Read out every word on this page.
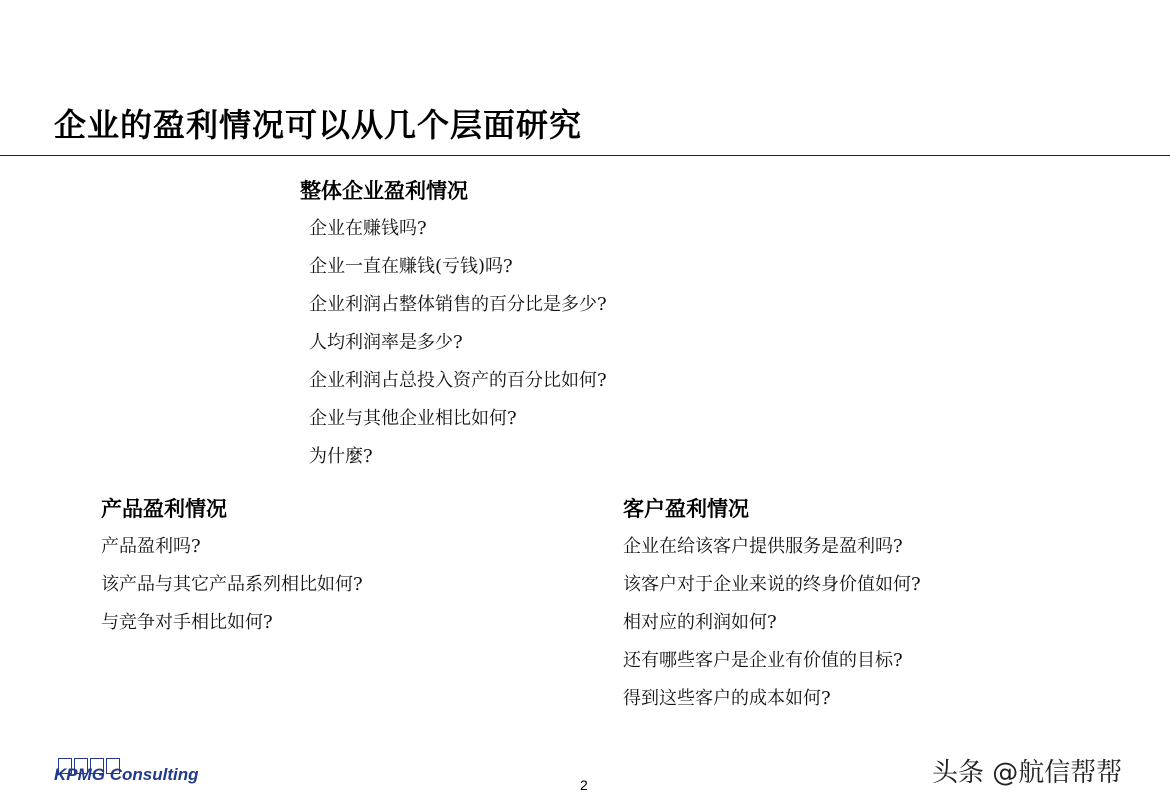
企业的盈利情况可以从几个层面研究
整体企业盈利情况
企业在赚钱吗?
企业一直在赚钱(亏钱)吗?
企业利润占整体销售的百分比是多少?
人均利润率是多少?
企业利润占总投入资产的百分比如何?
企业与其他企业相比如何?
为什麼?
产品盈利情况
产品盈利吗?
该产品与其它产品系列相比如何?
与竞争对手相比如何?
客户盈利情况
企业在给该客户提供服务是盈利吗?
该客户对于企业来说的终身价值如何?
相对应的利润如何?
还有哪些客户是企业有价值的目标?
得到这些客户的成本如何?
KPMG Consulting
2	头条 @航信帮帮
